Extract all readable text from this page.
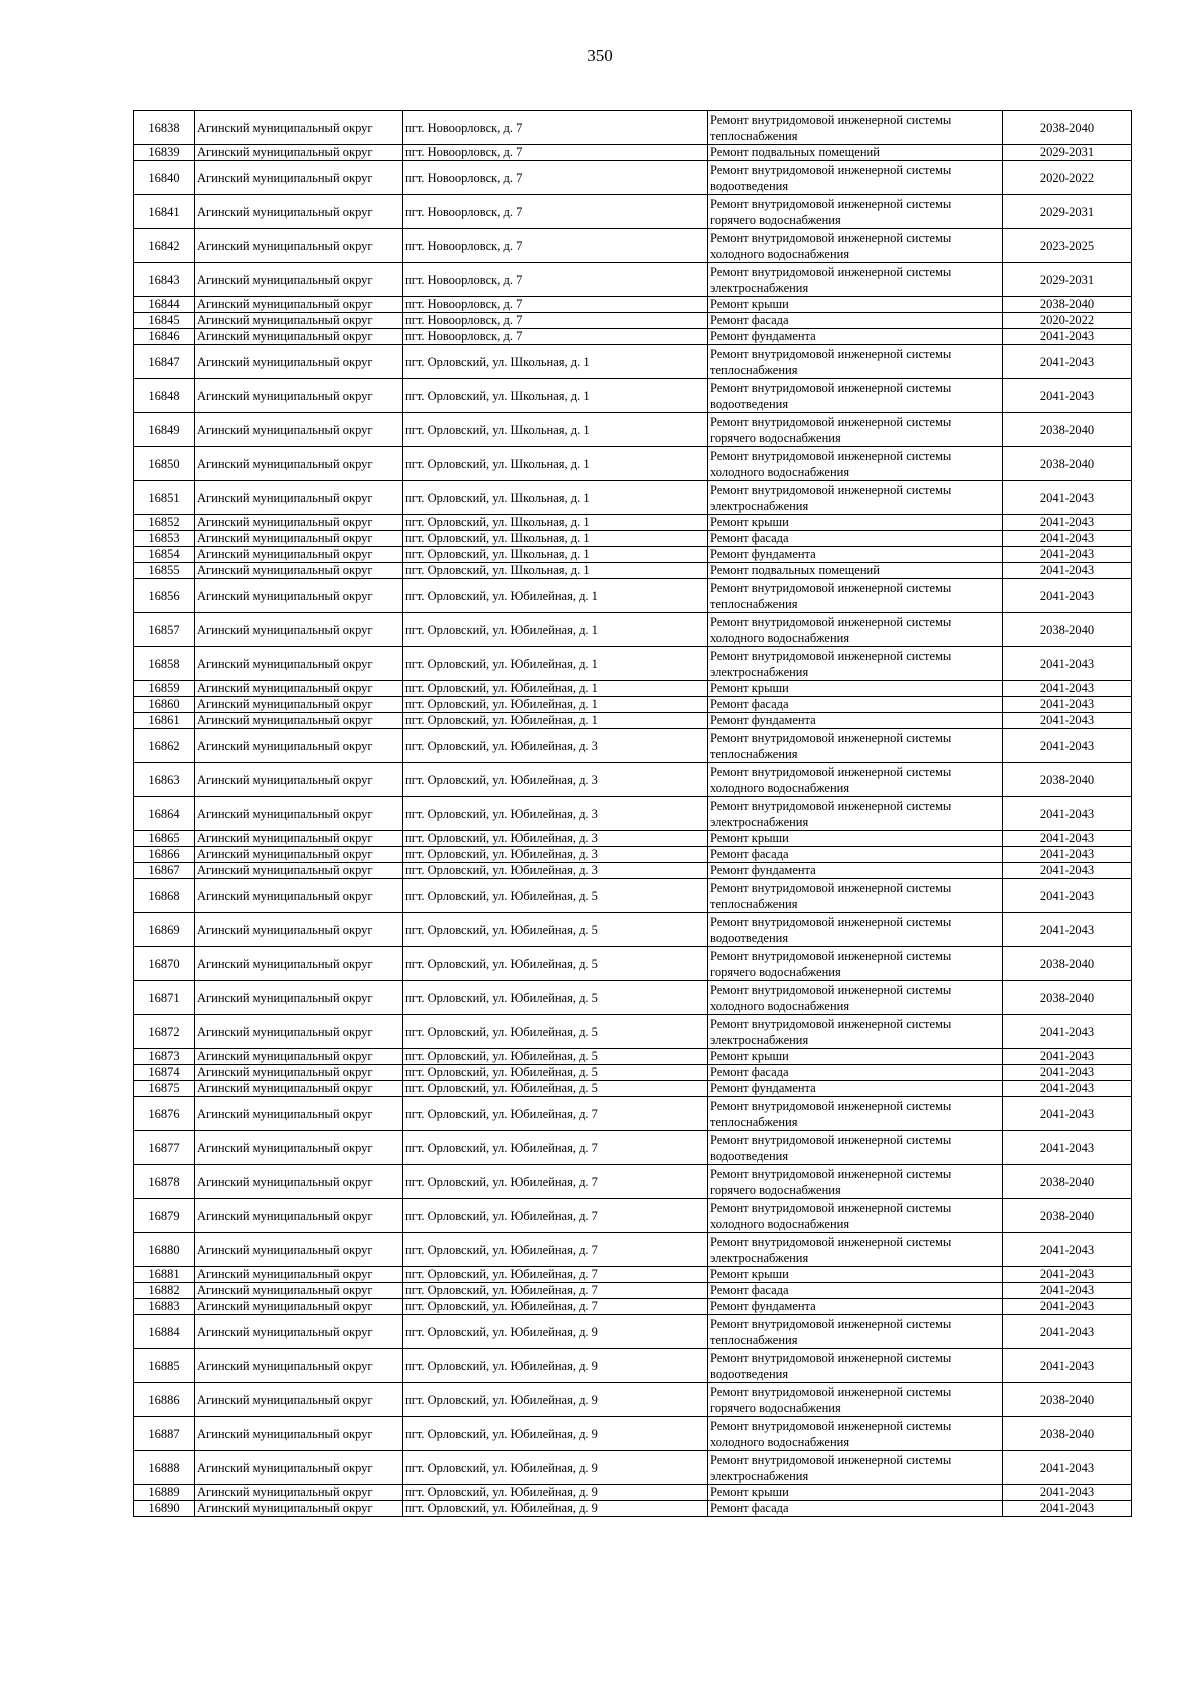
350
16838	Агинский муниципальный округ	пгт. Новоорловск, д. 7	Ремонт внутридомовой инженерной системы теплоснабжения	2038-2040
16839	Агинский муниципальный округ	пгт. Новоорловск, д. 7	Ремонт подвальных помещений	2029-2031
16840	Агинский муниципальный округ	пгт. Новоорловск, д. 7	Ремонт внутридомовой инженерной системы водоотведения	2020-2022
16841	Агинский муниципальный округ	пгт. Новоорловск, д. 7	Ремонт внутридомовой инженерной системы горячего водоснабжения	2029-2031
16842	Агинский муниципальный округ	пгт. Новоорловск, д. 7	Ремонт внутридомовой инженерной системы холодного водоснабжения	2023-2025
16843	Агинский муниципальный округ	пгт. Новоорловск, д. 7	Ремонт внутридомовой инженерной системы электроснабжения	2029-2031
16844	Агинский муниципальный округ	пгт. Новоорловск, д. 7	Ремонт крыши	2038-2040
16845	Агинский муниципальный округ	пгт. Новоорловск, д. 7	Ремонт фасада	2020-2022
16846	Агинский муниципальный округ	пгт. Новоорловск, д. 7	Ремонт фундамента	2041-2043
16847	Агинский муниципальный округ	пгт. Орловский, ул. Школьная, д. 1	Ремонт внутридомовой инженерной системы теплоснабжения	2041-2043
16848	Агинский муниципальный округ	пгт. Орловский, ул. Школьная, д. 1	Ремонт внутридомовой инженерной системы водоотведения	2041-2043
16849	Агинский муниципальный округ	пгт. Орловский, ул. Школьная, д. 1	Ремонт внутридомовой инженерной системы горячего водоснабжения	2038-2040
16850	Агинский муниципальный округ	пгт. Орловский, ул. Школьная, д. 1	Ремонт внутридомовой инженерной системы холодного водоснабжения	2038-2040
16851	Агинский муниципальный округ	пгт. Орловский, ул. Школьная, д. 1	Ремонт внутридомовой инженерной системы электроснабжения	2041-2043
16852	Агинский муниципальный округ	пгт. Орловский, ул. Школьная, д. 1	Ремонт крыши	2041-2043
16853	Агинский муниципальный округ	пгт. Орловский, ул. Школьная, д. 1	Ремонт фасада	2041-2043
16854	Агинский муниципальный округ	пгт. Орловский, ул. Школьная, д. 1	Ремонт фундамента	2041-2043
16855	Агинский муниципальный округ	пгт. Орловский, ул. Школьная, д. 1	Ремонт подвальных помещений	2041-2043
16856	Агинский муниципальный округ	пгт. Орловский, ул. Юбилейная, д. 1	Ремонт внутридомовой инженерной системы теплоснабжения	2041-2043
16857	Агинский муниципальный округ	пгт. Орловский, ул. Юбилейная, д. 1	Ремонт внутридомовой инженерной системы холодного водоснабжения	2038-2040
16858	Агинский муниципальный округ	пгт. Орловский, ул. Юбилейная, д. 1	Ремонт внутридомовой инженерной системы электроснабжения	2041-2043
16859	Агинский муниципальный округ	пгт. Орловский, ул. Юбилейная, д. 1	Ремонт крыши	2041-2043
16860	Агинский муниципальный округ	пгт. Орловский, ул. Юбилейная, д. 1	Ремонт фасада	2041-2043
16861	Агинский муниципальный округ	пгт. Орловский, ул. Юбилейная, д. 1	Ремонт фундамента	2041-2043
16862	Агинский муниципальный округ	пгт. Орловский, ул. Юбилейная, д. 3	Ремонт внутридомовой инженерной системы теплоснабжения	2041-2043
16863	Агинский муниципальный округ	пгт. Орловский, ул. Юбилейная, д. 3	Ремонт внутридомовой инженерной системы холодного водоснабжения	2038-2040
16864	Агинский муниципальный округ	пгт. Орловский, ул. Юбилейная, д. 3	Ремонт внутридомовой инженерной системы электроснабжения	2041-2043
16865	Агинский муниципальный округ	пгт. Орловский, ул. Юбилейная, д. 3	Ремонт крыши	2041-2043
16866	Агинский муниципальный округ	пгт. Орловский, ул. Юбилейная, д. 3	Ремонт фасада	2041-2043
16867	Агинский муниципальный округ	пгт. Орловский, ул. Юбилейная, д. 3	Ремонт фундамента	2041-2043
16868	Агинский муниципальный округ	пгт. Орловский, ул. Юбилейная, д. 5	Ремонт внутридомовой инженерной системы теплоснабжения	2041-2043
16869	Агинский муниципальный округ	пгт. Орловский, ул. Юбилейная, д. 5	Ремонт внутридомовой инженерной системы водоотведения	2041-2043
16870	Агинский муниципальный округ	пгт. Орловский, ул. Юбилейная, д. 5	Ремонт внутридомовой инженерной системы горячего водоснабжения	2038-2040
16871	Агинский муниципальный округ	пгт. Орловский, ул. Юбилейная, д. 5	Ремонт внутридомовой инженерной системы холодного водоснабжения	2038-2040
16872	Агинский муниципальный округ	пгт. Орловский, ул. Юбилейная, д. 5	Ремонт внутридомовой инженерной системы электроснабжения	2041-2043
16873	Агинский муниципальный округ	пгт. Орловский, ул. Юбилейная, д. 5	Ремонт крыши	2041-2043
16874	Агинский муниципальный округ	пгт. Орловский, ул. Юбилейная, д. 5	Ремонт фасада	2041-2043
16875	Агинский муниципальный округ	пгт. Орловский, ул. Юбилейная, д. 5	Ремонт фундамента	2041-2043
16876	Агинский муниципальный округ	пгт. Орловский, ул. Юбилейная, д. 7	Ремонт внутридомовой инженерной системы теплоснабжения	2041-2043
16877	Агинский муниципальный округ	пгт. Орловский, ул. Юбилейная, д. 7	Ремонт внутридомовой инженерной системы водоотведения	2041-2043
16878	Агинский муниципальный округ	пгт. Орловский, ул. Юбилейная, д. 7	Ремонт внутридомовой инженерной системы горячего водоснабжения	2038-2040
16879	Агинский муниципальный округ	пгт. Орловский, ул. Юбилейная, д. 7	Ремонт внутридомовой инженерной системы холодного водоснабжения	2038-2040
16880	Агинский муниципальный округ	пгт. Орловский, ул. Юбилейная, д. 7	Ремонт внутридомовой инженерной системы электроснабжения	2041-2043
16881	Агинский муниципальный округ	пгт. Орловский, ул. Юбилейная, д. 7	Ремонт крыши	2041-2043
16882	Агинский муниципальный округ	пгт. Орловский, ул. Юбилейная, д. 7	Ремонт фасада	2041-2043
16883	Агинский муниципальный округ	пгт. Орловский, ул. Юбилейная, д. 7	Ремонт фундамента	2041-2043
16884	Агинский муниципальный округ	пгт. Орловский, ул. Юбилейная, д. 9	Ремонт внутридомовой инженерной системы теплоснабжения	2041-2043
16885	Агинский муниципальный округ	пгт. Орловский, ул. Юбилейная, д. 9	Ремонт внутридомовой инженерной системы водоотведения	2041-2043
16886	Агинский муниципальный округ	пгт. Орловский, ул. Юбилейная, д. 9	Ремонт внутридомовой инженерной системы горячего водоснабжения	2038-2040
16887	Агинский муниципальный округ	пгт. Орловский, ул. Юбилейная, д. 9	Ремонт внутридомовой инженерной системы холодного водоснабжения	2038-2040
16888	Агинский муниципальный округ	пгт. Орловский, ул. Юбилейная, д. 9	Ремонт внутридомовой инженерной системы электроснабжения	2041-2043
16889	Агинский муниципальный округ	пгт. Орловский, ул. Юбилейная, д. 9	Ремонт крыши	2041-2043
16890	Агинский муниципальный округ	пгт. Орловский, ул. Юбилейная, д. 9	Ремонт фасада	2041-2043
